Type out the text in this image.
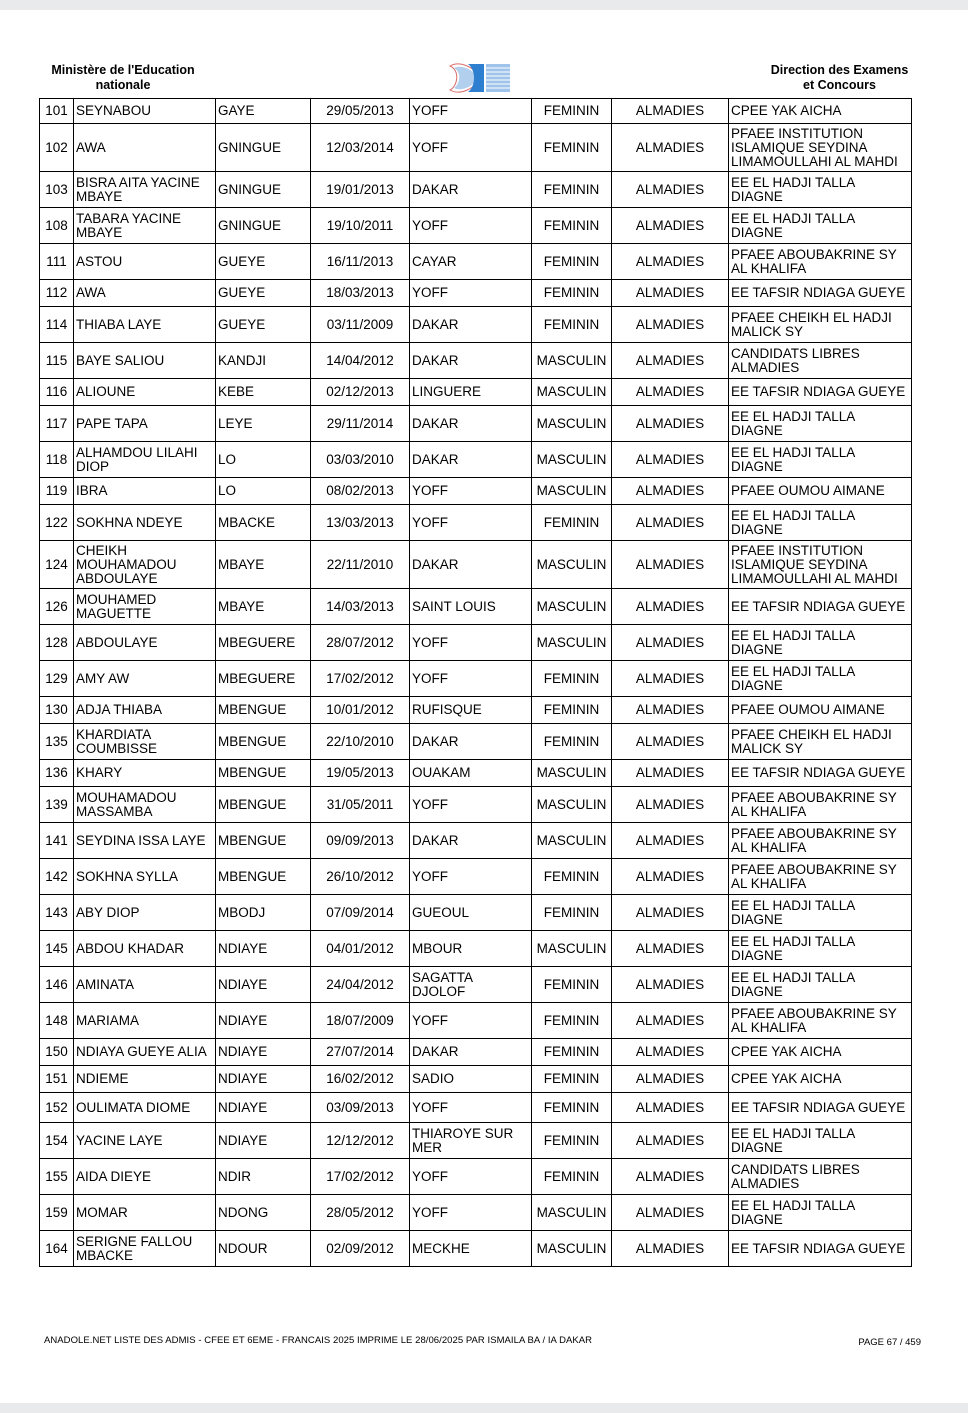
Ministère de l'Education
nationale
Direction des Examens
et Concours
101	SEYNABOU	GAYE	29/05/2013	YOFF	FEMININ	ALMADIES	CPEE YAK AICHA
102	AWA	GNINGUE	12/03/2014	YOFF	FEMININ	ALMADIES	PFAEE INSTITUTION ISLAMIQUE SEYDINA LIMAMOULLAHI AL MAHDI
103	BISRA AITA YACINE MBAYE	GNINGUE	19/01/2013	DAKAR	FEMININ	ALMADIES	EE EL HADJI TALLA DIAGNE
108	TABARA YACINE MBAYE	GNINGUE	19/10/2011	YOFF	FEMININ	ALMADIES	EE EL HADJI TALLA DIAGNE
111	ASTOU	GUEYE	16/11/2013	CAYAR	FEMININ	ALMADIES	PFAEE ABOUBAKRINE SY AL KHALIFA
112	AWA	GUEYE	18/03/2013	YOFF	FEMININ	ALMADIES	EE TAFSIR NDIAGA GUEYE
114	THIABA LAYE	GUEYE	03/11/2009	DAKAR	FEMININ	ALMADIES	PFAEE CHEIKH EL HADJI MALICK SY
115	BAYE SALIOU	KANDJI	14/04/2012	DAKAR	MASCULIN	ALMADIES	CANDIDATS LIBRES ALMADIES
116	ALIOUNE	KEBE	02/12/2013	LINGUERE	MASCULIN	ALMADIES	EE TAFSIR NDIAGA GUEYE
117	PAPE TAPA	LEYE	29/11/2014	DAKAR	MASCULIN	ALMADIES	EE EL HADJI TALLA DIAGNE
118	ALHAMDOU LILAHI DIOP	LO	03/03/2010	DAKAR	MASCULIN	ALMADIES	EE EL HADJI TALLA DIAGNE
119	IBRA	LO	08/02/2013	YOFF	MASCULIN	ALMADIES	PFAEE OUMOU AIMANE
122	SOKHNA NDEYE	MBACKE	13/03/2013	YOFF	FEMININ	ALMADIES	EE EL HADJI TALLA DIAGNE
124	CHEIKH MOUHAMADOU ABDOULAYE	MBAYE	22/11/2010	DAKAR	MASCULIN	ALMADIES	PFAEE INSTITUTION ISLAMIQUE SEYDINA LIMAMOULLAHI AL MAHDI
126	MOUHAMED MAGUETTE	MBAYE	14/03/2013	SAINT LOUIS	MASCULIN	ALMADIES	EE TAFSIR NDIAGA GUEYE
128	ABDOULAYE	MBEGUERE	28/07/2012	YOFF	MASCULIN	ALMADIES	EE EL HADJI TALLA DIAGNE
129	AMY AW	MBEGUERE	17/02/2012	YOFF	FEMININ	ALMADIES	EE EL HADJI TALLA DIAGNE
130	ADJA THIABA	MBENGUE	10/01/2012	RUFISQUE	FEMININ	ALMADIES	PFAEE OUMOU AIMANE
135	KHARDIATA COUMBISSE	MBENGUE	22/10/2010	DAKAR	FEMININ	ALMADIES	PFAEE CHEIKH EL HADJI MALICK SY
136	KHARY	MBENGUE	19/05/2013	OUAKAM	MASCULIN	ALMADIES	EE TAFSIR NDIAGA GUEYE
139	MOUHAMADOU MASSAMBA	MBENGUE	31/05/2011	YOFF	MASCULIN	ALMADIES	PFAEE ABOUBAKRINE SY AL KHALIFA
141	SEYDINA ISSA LAYE	MBENGUE	09/09/2013	DAKAR	MASCULIN	ALMADIES	PFAEE ABOUBAKRINE SY AL KHALIFA
142	SOKHNA SYLLA	MBENGUE	26/10/2012	YOFF	FEMININ	ALMADIES	PFAEE ABOUBAKRINE SY AL KHALIFA
143	ABY DIOP	MBODJ	07/09/2014	GUEOUL	FEMININ	ALMADIES	EE EL HADJI TALLA DIAGNE
145	ABDOU KHADAR	NDIAYE	04/01/2012	MBOUR	MASCULIN	ALMADIES	EE EL HADJI TALLA DIAGNE
146	AMINATA	NDIAYE	24/04/2012	SAGATTA DJOLOF	FEMININ	ALMADIES	EE EL HADJI TALLA DIAGNE
148	MARIAMA	NDIAYE	18/07/2009	YOFF	FEMININ	ALMADIES	PFAEE ABOUBAKRINE SY AL KHALIFA
150	NDIAYA GUEYE ALIA	NDIAYE	27/07/2014	DAKAR	FEMININ	ALMADIES	CPEE YAK AICHA
151	NDIEME	NDIAYE	16/02/2012	SADIO	FEMININ	ALMADIES	CPEE YAK AICHA
152	OULIMATA DIOME	NDIAYE	03/09/2013	YOFF	FEMININ	ALMADIES	EE TAFSIR NDIAGA GUEYE
154	YACINE LAYE	NDIAYE	12/12/2012	THIAROYE SUR MER	FEMININ	ALMADIES	EE EL HADJI TALLA DIAGNE
155	AIDA DIEYE	NDIR	17/02/2012	YOFF	FEMININ	ALMADIES	CANDIDATS LIBRES ALMADIES
159	MOMAR	NDONG	28/05/2012	YOFF	MASCULIN	ALMADIES	EE EL HADJI TALLA DIAGNE
164	SERIGNE FALLOU MBACKE	NDOUR	02/09/2012	MECKHE	MASCULIN	ALMADIES	EE TAFSIR NDIAGA GUEYE
ANADOLE.NET LISTE DES ADMIS - CFEE ET 6EME - FRANCAIS 2025 IMPRIME LE 28/06/2025 PAR ISMAILA BA / IA DAKAR	PAGE 67 / 459
